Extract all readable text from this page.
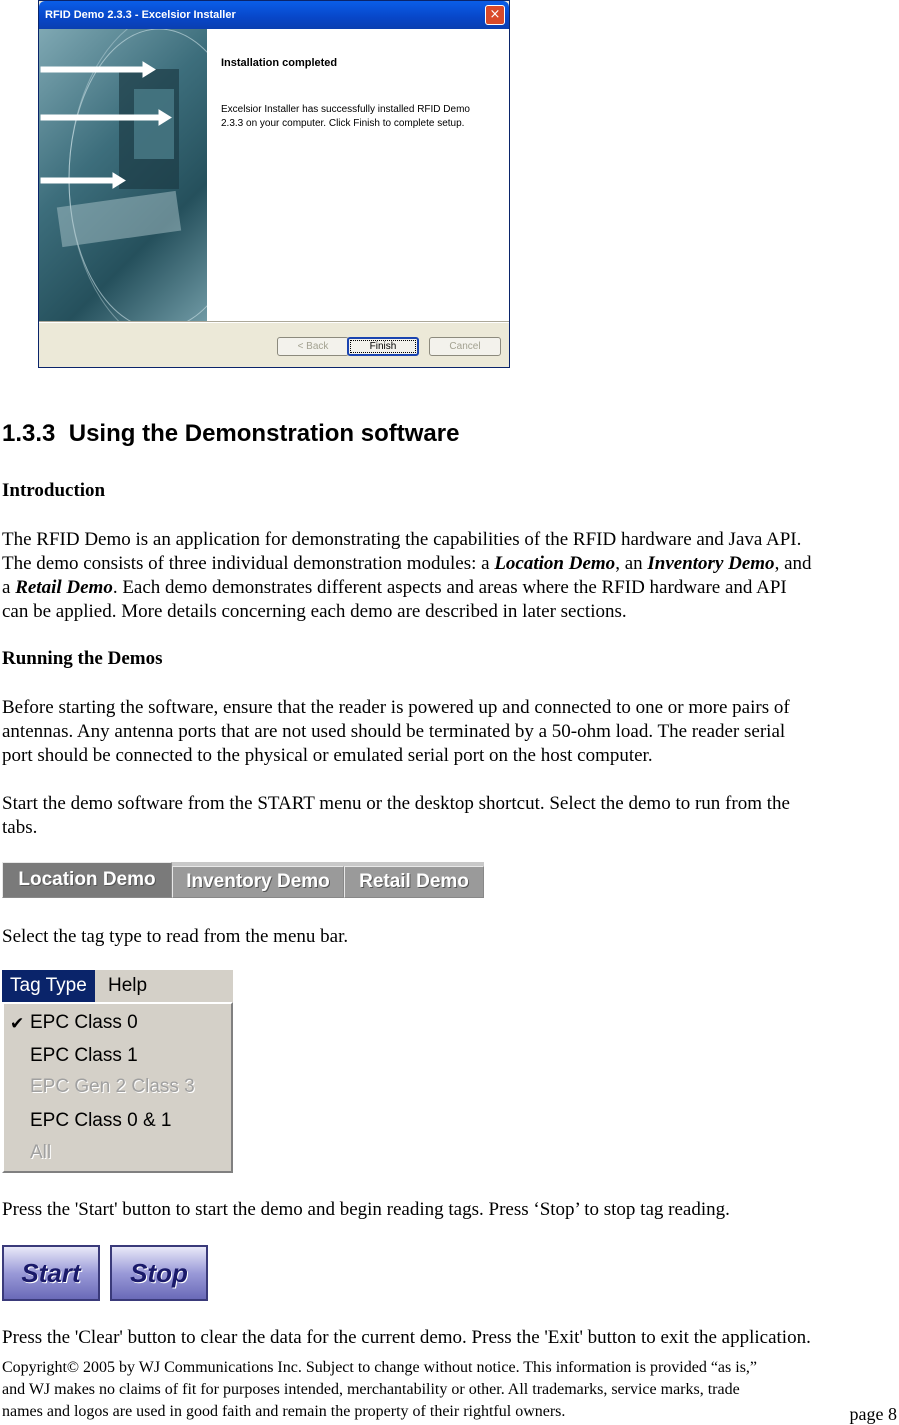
RFID Demo 2.3.3 - Excelsior Installer	×
Installation completed
Excelsior Installer has successfully installed RFID Demo
2.3.3 on your computer. Click Finish to complete setup.
< Back	Finish	Cancel
1.3.3 Using the Demonstration software
Introduction
The RFID Demo is an application for demonstrating the capabilities of the RFID hardware and Java API.
The demo consists of three individual demonstration modules: a Location Demo, an Inventory Demo, and
a Retail Demo. Each demo demonstrates different aspects and areas where the RFID hardware and API
can be applied. More details concerning each demo are described in later sections.
Running the Demos
Before starting the software, ensure that the reader is powered up and connected to one or more pairs of
antennas. Any antenna ports that are not used should be terminated by a 50-ohm load. The reader serial
port should be connected to the physical or emulated serial port on the host computer.
Start the demo software from the START menu or the desktop shortcut. Select the demo to run from the
tabs.
Location Demo	Inventory Demo	Retail Demo
Select the tag type to read from the menu bar.
Tag Type	Help
✔ EPC Class 0
EPC Class 1
EPC Gen 2 Class 3
EPC Class 0 & 1
All
Press the 'Start' button to start the demo and begin reading tags. Press ‘Stop’ to stop tag reading.
Start	Stop
Press the 'Clear' button to clear the data for the current demo. Press the 'Exit' button to exit the application.
Copyright© 2005 by WJ Communications Inc. Subject to change without notice. This information is provided “as is,”
and WJ makes no claims of fit for purposes intended, merchantability or other. All trademarks, service marks, trade
names and logos are used in good faith and remain the property of their rightful owners.	page 8
